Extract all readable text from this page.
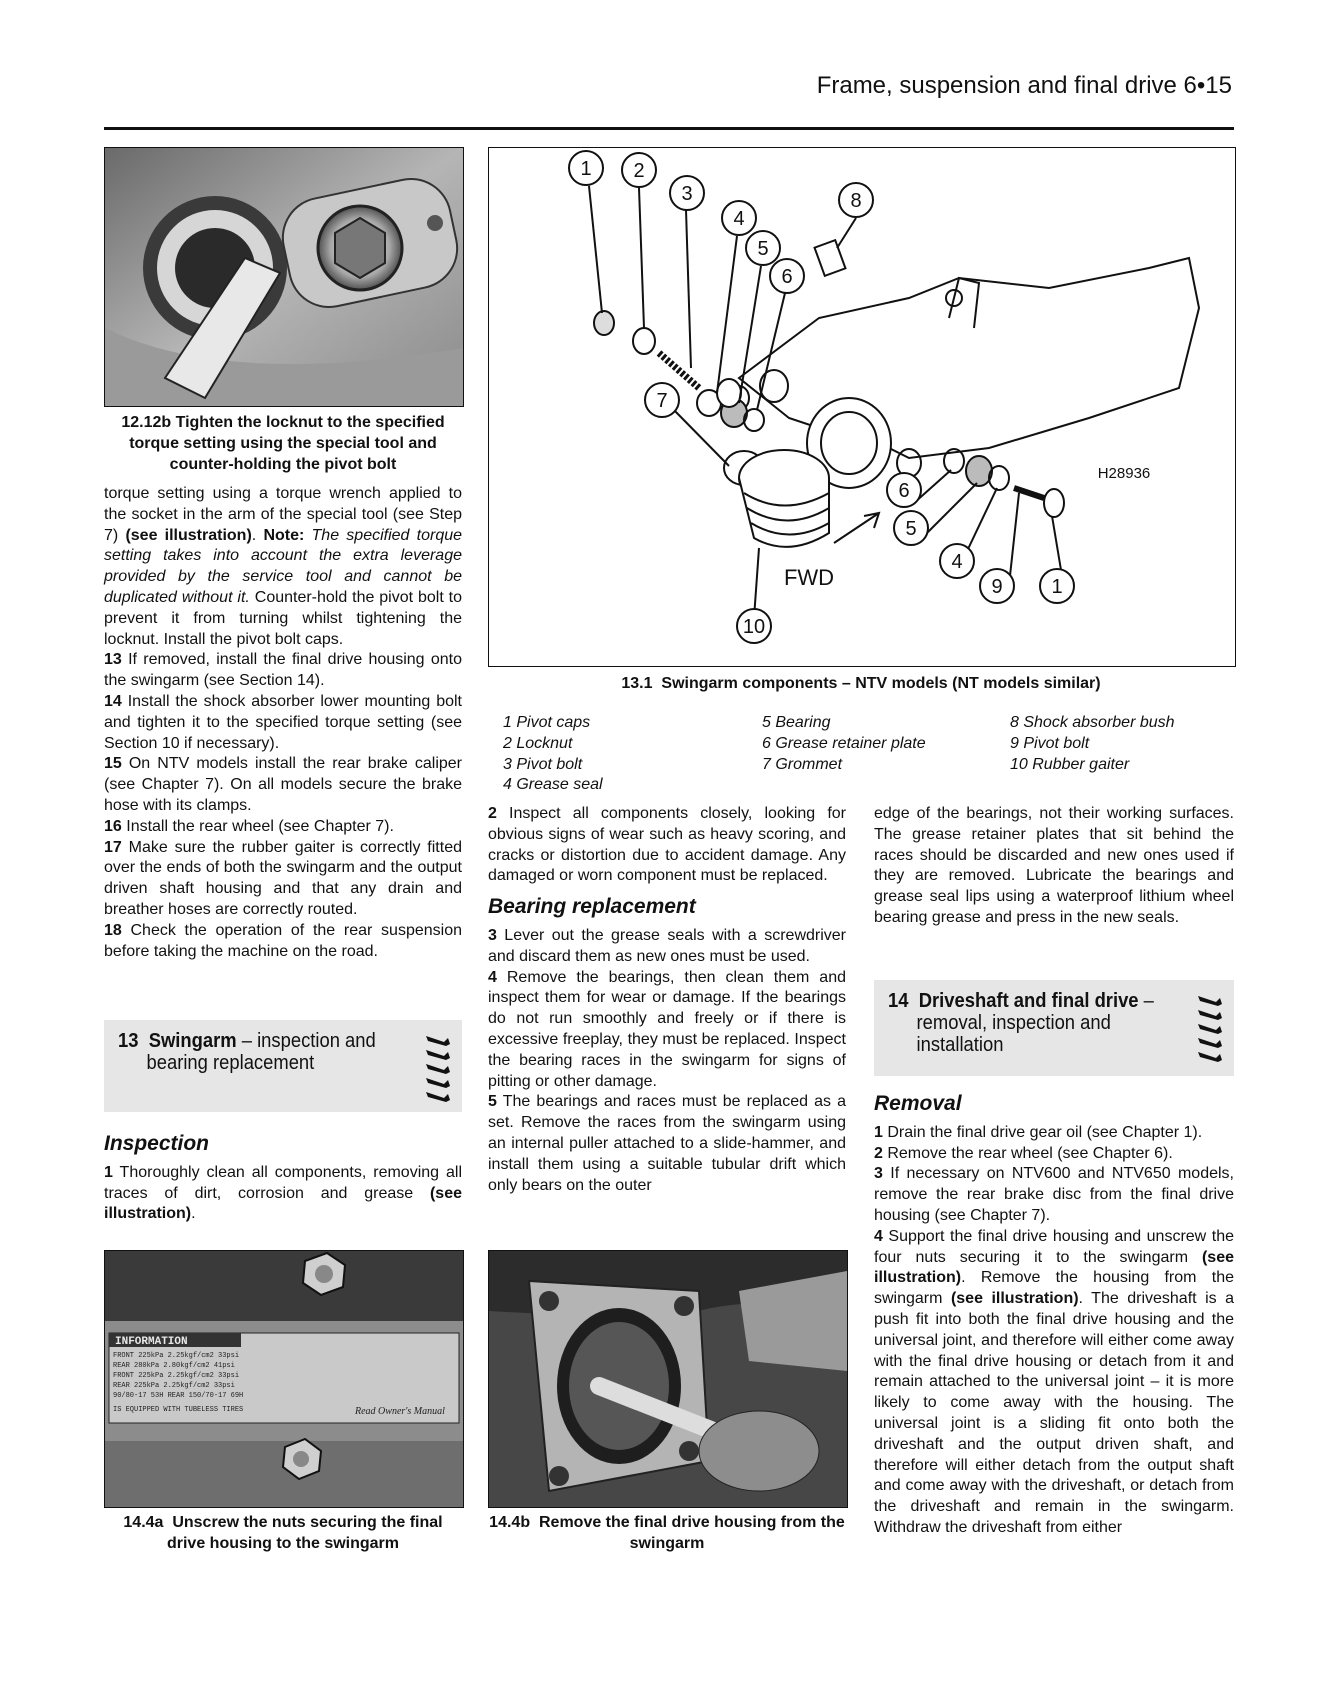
Frame, suspension and final drive 6•15
12.12b Tighten the locknut to the specified torque setting using the special tool and counter-holding the pivot bolt

torque setting using a torque wrench applied to the socket in the arm of the special tool (see Step 7) (see illustration). Note: The specified torque setting takes into account the extra leverage provided by the service tool and cannot be duplicated without it. Counter-hold the pivot bolt to prevent it from turning whilst tightening the locknut. Install the pivot bolt caps.

13 If removed, install the final drive housing onto the swingarm (see Section 14).

14 Install the shock absorber lower mounting bolt and tighten it to the specified torque setting (see Section 10 if necessary).

15 On NTV models install the rear brake caliper (see Chapter 7). On all models secure the brake hose with its clamps.

16 Install the rear wheel (see Chapter 7).

17 Make sure the rubber gaiter is correctly fitted over the ends of both the swingarm and the output driven shaft housing and that any drain and breather hoses are correctly routed.

18 Check the operation of the rear suspension before taking the machine on the road.

13 Swingarm – inspection and
bearing replacement
Inspection

1 Thoroughly clean all components, removing all traces of dirt, corrosion and grease (see illustration).

1 2
3
4
5
6
7
8
6
5
4
9 1
10
FWD
H28936
13.1 Swingarm components – NTV models (NT models similar)
1 Pivot caps
2 Locknut
3 Pivot bolt
4 Grease seal
5 Bearing
6 Grease retainer plate
7 Grommet
8 Shock absorber bush
9 Pivot bolt
10 Rubber gaiter

2 Inspect all components closely, looking for obvious signs of wear such as heavy scoring, and cracks or distortion due to accident damage. Any damaged or worn component must be replaced.

Bearing replacement

3 Lever out the grease seals with a screwdriver and discard them as new ones must be used.

4 Remove the bearings, then clean them and inspect them for wear or damage. If the bearings do not run smoothly and freely or if there is excessive freeplay, they must be replaced. Inspect the bearing races in the swingarm for signs of pitting or other damage.

5 The bearings and races must be replaced as a set. Remove the races from the swingarm using an internal puller attached to a slide-hammer, and install them using a suitable tubular drift which only bears on the outer

edge of the bearings, not their working surfaces. The grease retainer plates that sit behind the races should be discarded and new ones used if they are removed. Lubricate the bearings and grease seal lips using a waterproof lithium wheel bearing grease and press in the new seals.

14 Driveshaft and final drive –
removal, inspection and
installation
Removal

1 Drain the final drive gear oil (see Chapter 1).

2 Remove the rear wheel (see Chapter 6).

3 If necessary on NTV600 and NTV650 models, remove the rear brake disc from the final drive housing (see Chapter 7).

4 Support the final drive housing and unscrew the four nuts securing it to the swingarm (see illustration). Remove the housing from the swingarm (see illustration). The driveshaft is a push fit into both the final drive housing and the universal joint, and therefore will either come away with the final drive housing or detach from it and remain attached to the universal joint – it is more likely to come away with the housing. The universal joint is a sliding fit onto both the driveshaft and the output driven shaft, and therefore will either detach from the output shaft and come away with the driveshaft, or detach from the driveshaft and remain in the swingarm. Withdraw the driveshaft from either

INFORMATION
FRONT 225kPa 2.25kgf/cm2 33psi
REAR 280kPa 2.80kgf/cm2 41psi
FRONT 225kPa 2.25kgf/cm2 33psi
REAR 225kPa 2.25kgf/cm2 33psi
90/80-17 53H REAR 150/70-17 69H
IS EQUIPPED WITH TUBELESS TIRES	Read Owner's Manual
14.4a Unscrew the nuts securing the final drive housing to the swingarm
14.4b Remove the final drive housing from the swingarm
